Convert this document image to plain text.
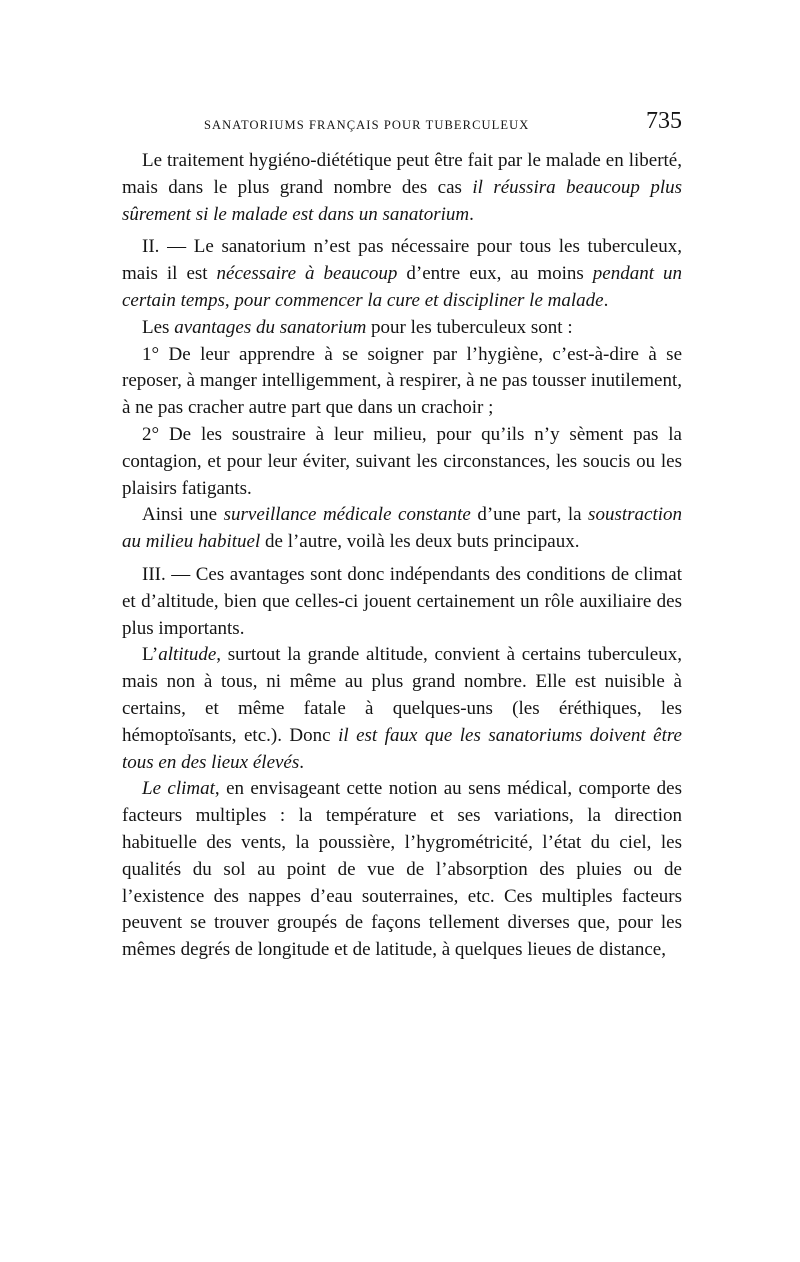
SANATORIUMS FRANÇAIS POUR TUBERCULEUX	735

Le traitement hygiéno-diététique peut être fait par le malade en liberté, mais dans le plus grand nombre des cas il réussira beaucoup plus sûrement si le malade est dans un sanatorium.

II. — Le sanatorium n’est pas nécessaire pour tous les tuberculeux, mais il est nécessaire à beaucoup d’entre eux, au moins pendant un certain temps, pour commencer la cure et discipliner le malade.

Les avantages du sanatorium pour les tuberculeux sont :

1° De leur apprendre à se soigner par l’hygiène, c’est-à-dire à se reposer, à manger intelligemment, à respirer, à ne pas tousser inutilement, à ne pas cracher autre part que dans un crachoir ;

2° De les soustraire à leur milieu, pour qu’ils n’y sèment pas la contagion, et pour leur éviter, suivant les circonstances, les soucis ou les plaisirs fatigants.

Ainsi une surveillance médicale constante d’une part, la soustraction au milieu habituel de l’autre, voilà les deux buts principaux.

III. — Ces avantages sont donc indépendants des conditions de climat et d’altitude, bien que celles-ci jouent certainement un rôle auxiliaire des plus importants.

L’altitude, surtout la grande altitude, convient à certains tuberculeux, mais non à tous, ni même au plus grand nombre. Elle est nuisible à certains, et même fatale à quelques-uns (les éréthiques, les hémoptoïsants, etc.). Donc il est faux que les sanatoriums doivent être tous en des lieux élevés.

Le climat, en envisageant cette notion au sens médical, comporte des facteurs multiples : la température et ses variations, la direction habituelle des vents, la poussière, l’hygrométricité, l’état du ciel, les qualités du sol au point de vue de l’absorption des pluies ou de l’existence des nappes d’eau souterraines, etc. Ces multiples facteurs peuvent se trouver groupés de façons tellement diverses que, pour les mêmes degrés de longitude et de latitude, à quelques lieues de distance,
